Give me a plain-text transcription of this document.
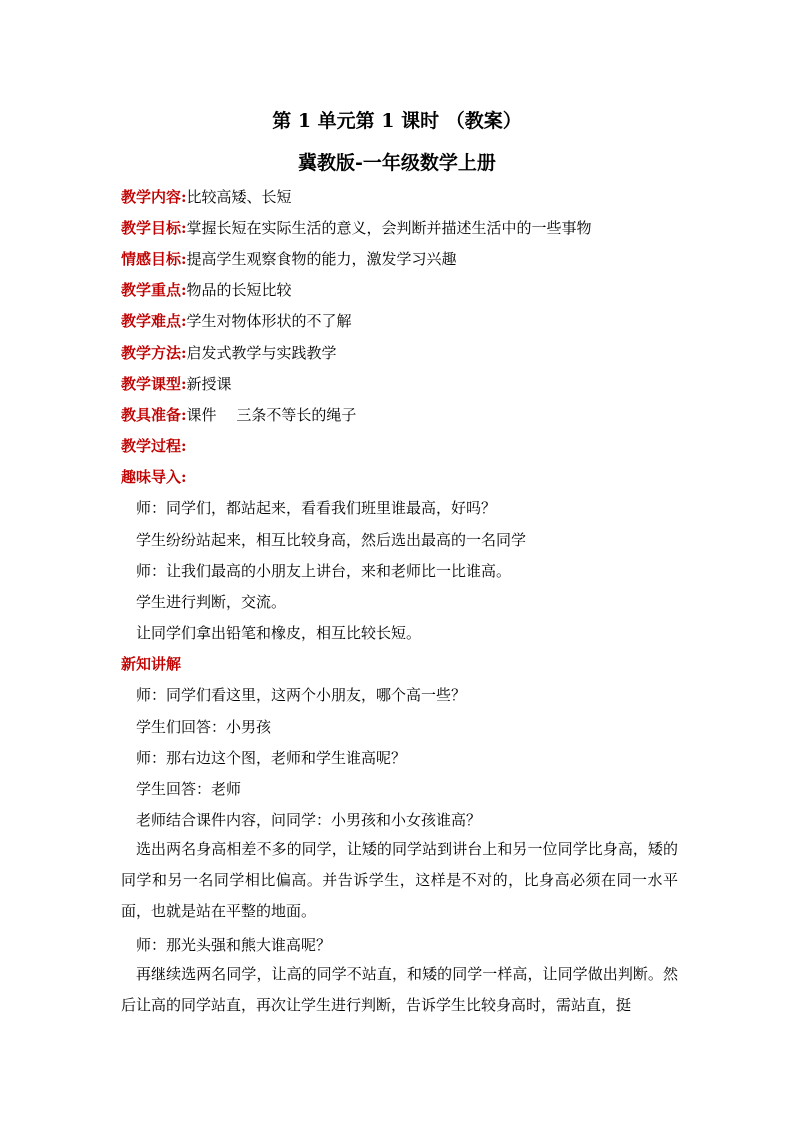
第 1 单元第 1 课时 （教案）
冀教版-一年级数学上册
教学内容:比较高矮、长短
教学目标:掌握长短在实际生活的意义，会判断并描述生活中的一些事物
情感目标:提高学生观察食物的能力，激发学习兴趣
教学重点:物品的长短比较
教学难点:学生对物体形状的不了解
教学方法:启发式教学与实践教学
教学课型:新授课
教具准备:课件　 三条不等长的绳子
教学过程:
趣味导入:
师：同学们，都站起来，看看我们班里谁最高，好吗？
学生纷纷站起来，相互比较身高，然后选出最高的一名同学
师：让我们最高的小朋友上讲台，来和老师比一比谁高。
学生进行判断，交流。
让同学们拿出铅笔和橡皮，相互比较长短。
新知讲解
师：同学们看这里，这两个小朋友，哪个高一些？
学生们回答：小男孩
师：那右边这个图，老师和学生谁高呢？
学生回答：老师
老师结合课件内容，问同学：小男孩和小女孩谁高？
选出两名身高相差不多的同学，让矮的同学站到讲台上和另一位同学比身高，矮的同学和另一名同学相比偏高。并告诉学生，这样是不对的，比身高必须在同一水平面，也就是站在平整的地面。
师：那光头强和熊大谁高呢？
再继续选两名同学，让高的同学不站直，和矮的同学一样高，让同学做出判断。然后让高的同学站直，再次让学生进行判断，告诉学生比较身高时，需站直，挺
